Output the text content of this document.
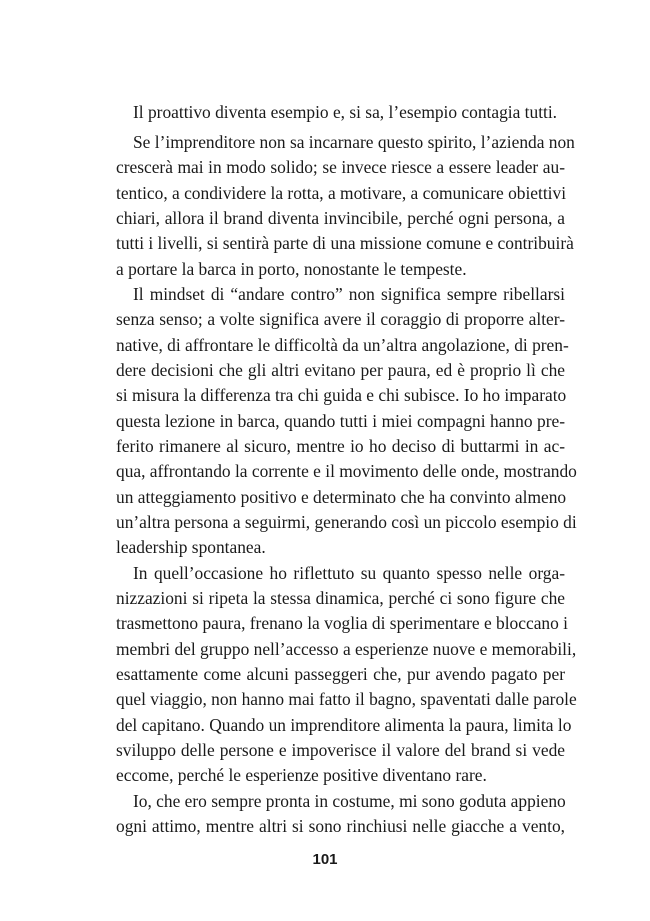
Il proattivo diventa esempio e, si sa, l’esempio contagia tutti.
Se l’imprenditore non sa incarnare questo spirito, l’azienda non
crescerà mai in modo solido; se invece riesce a essere leader au-
tentico, a condividere la rotta, a motivare, a comunicare obiettivi
chiari, allora il brand diventa invincibile, perché ogni persona, a
tutti i livelli, si sentirà parte di una missione comune e contribuirà
a portare la barca in porto, nonostante le tempeste.
Il mindset di “andare contro” non significa sempre ribellarsi
senza senso; a volte significa avere il coraggio di proporre alter-
native, di affrontare le difficoltà da un’altra angolazione, di pren-
dere decisioni che gli altri evitano per paura, ed è proprio lì che
si misura la differenza tra chi guida e chi subisce. Io ho imparato
questa lezione in barca, quando tutti i miei compagni hanno pre-
ferito rimanere al sicuro, mentre io ho deciso di buttarmi in ac-
qua, affrontando la corrente e il movimento delle onde, mostrando
un atteggiamento positivo e determinato che ha convinto almeno
un’altra persona a seguirmi, generando così un piccolo esempio di
leadership spontanea.
In quell’occasione ho riflettuto su quanto spesso nelle orga-
nizzazioni si ripeta la stessa dinamica, perché ci sono figure che
trasmettono paura, frenano la voglia di sperimentare e bloccano i
membri del gruppo nell’accesso a esperienze nuove e memorabili,
esattamente come alcuni passeggeri che, pur avendo pagato per
quel viaggio, non hanno mai fatto il bagno, spaventati dalle parole
del capitano. Quando un imprenditore alimenta la paura, limita lo
sviluppo delle persone e impoverisce il valore del brand si vede
eccome, perché le esperienze positive diventano rare.
Io, che ero sempre pronta in costume, mi sono goduta appieno
ogni attimo, mentre altri si sono rinchiusi nelle giacche a vento,
101
